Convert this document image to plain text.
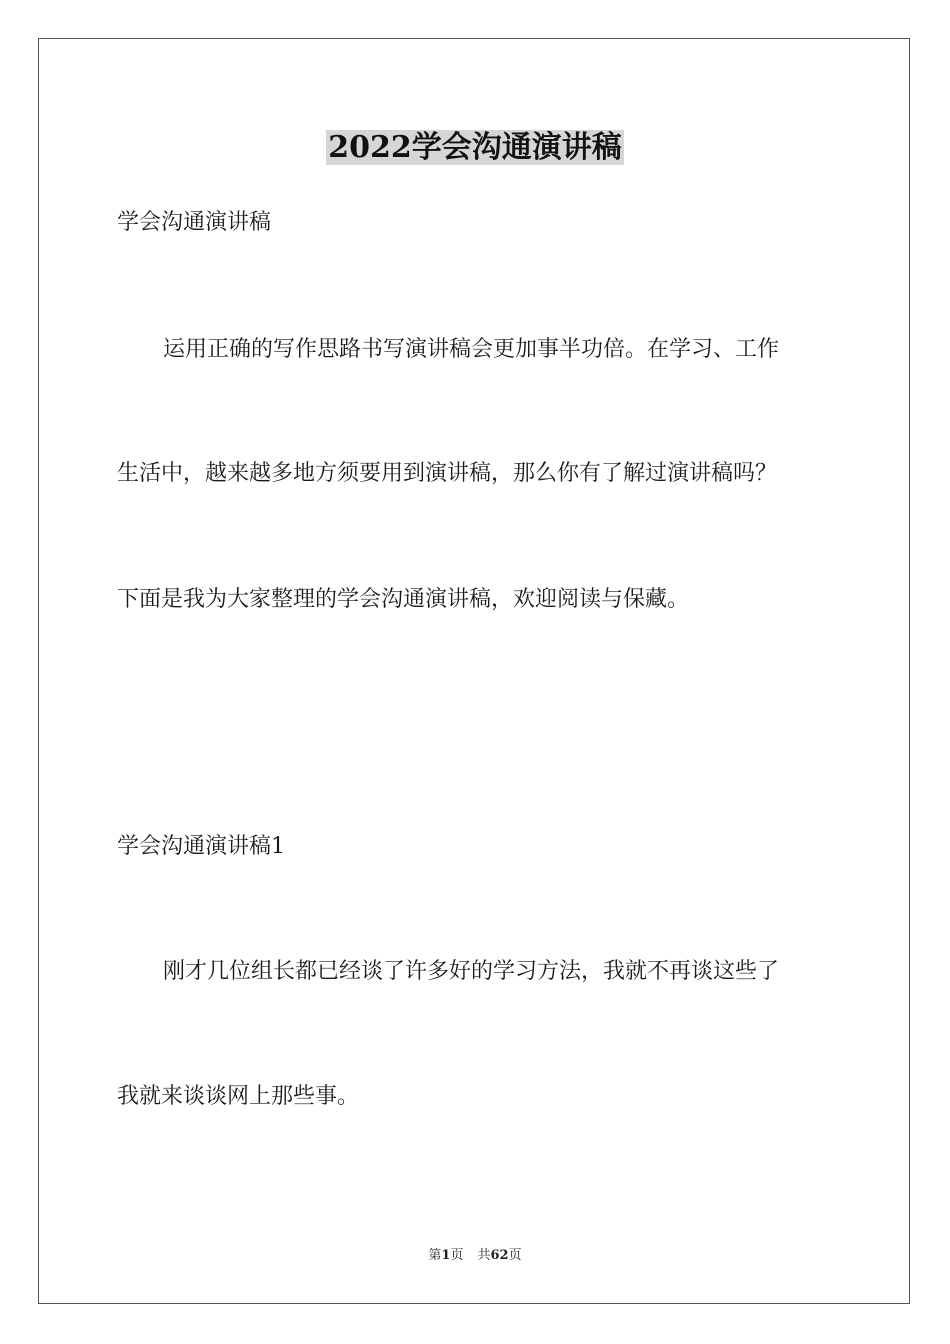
2022学会沟通演讲稿
学会沟通演讲稿
运用正确的写作思路书写演讲稿会更加事半功倍。在学习、工作
生活中，越来越多地方须要用到演讲稿，那么你有了解过演讲稿吗？
下面是我为大家整理的学会沟通演讲稿，欢迎阅读与保藏。
学会沟通演讲稿1
刚才几位组长都已经谈了许多好的学习方法，我就不再谈这些了
我就来谈谈网上那些事。
第1页 共62页
